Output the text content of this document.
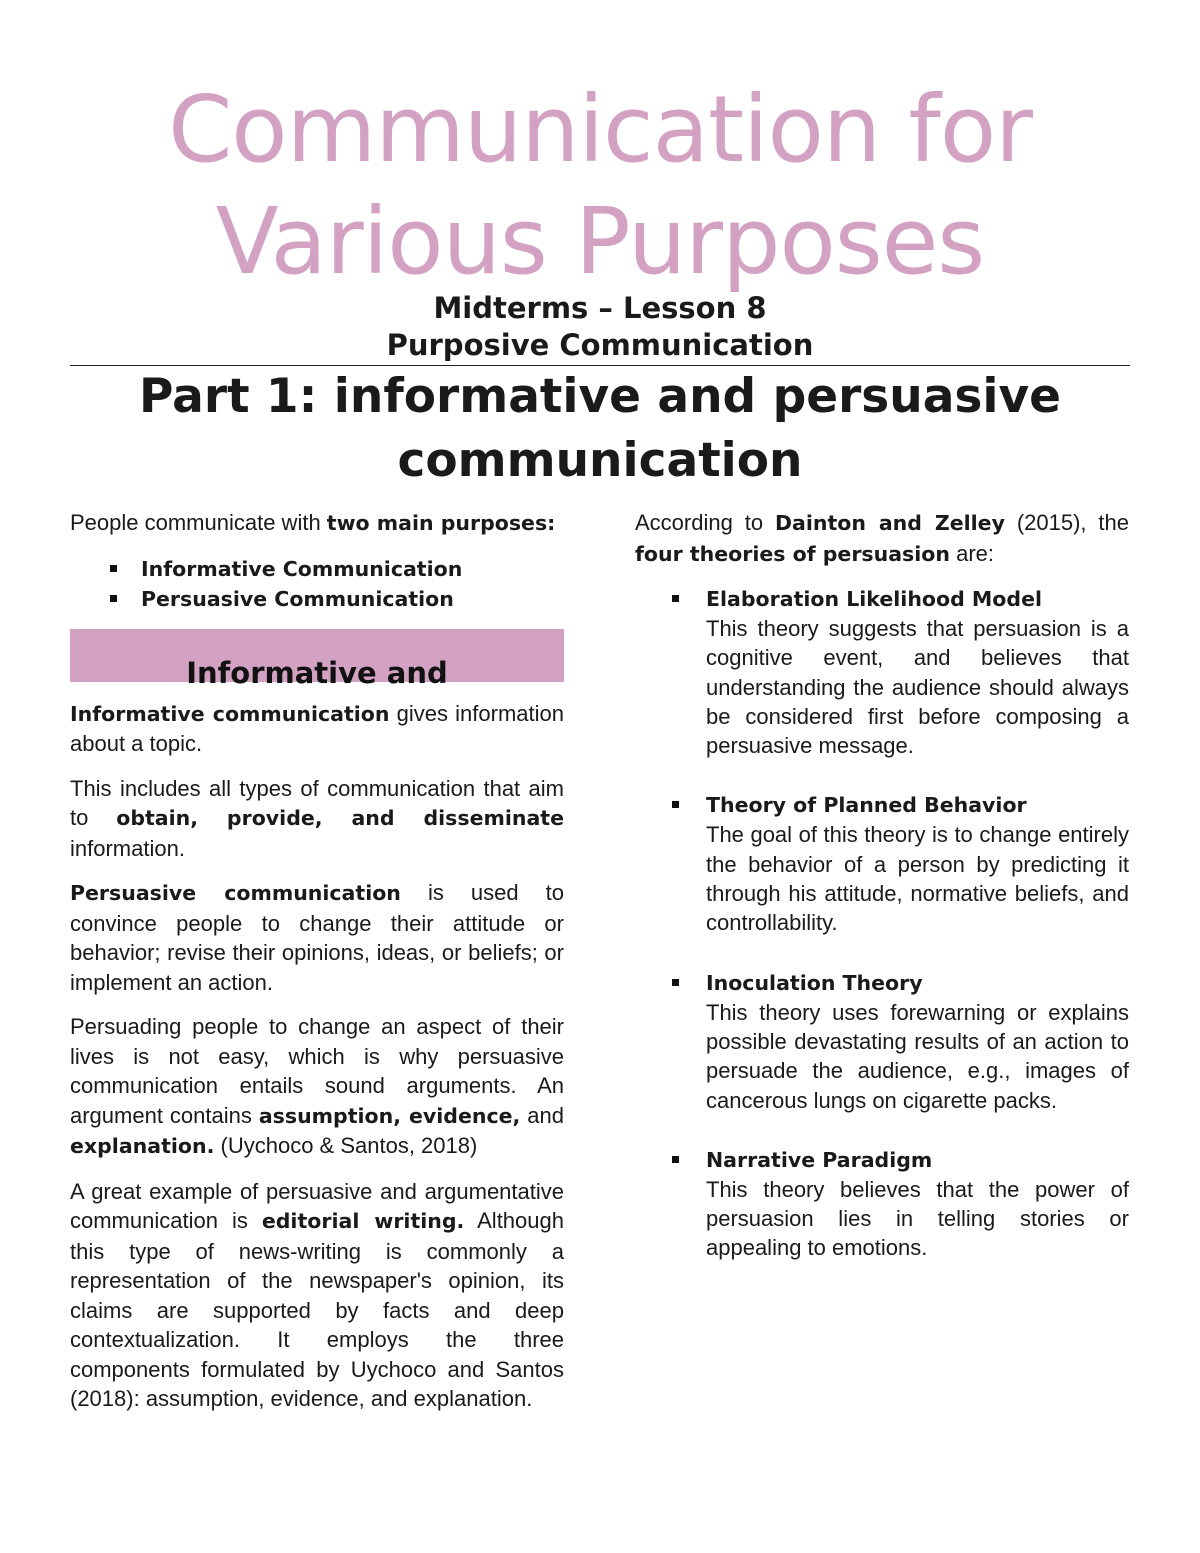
Communication for
Various Purposes

Midterms – Lesson 8

Purposive Communication

Part 1: informative and persuasive
communication

People communicate with two main purposes:

Informative Communication
Persuasive Communication
Informative and

Informative communication gives information about a topic.

This includes all types of communication that aim to obtain, provide, and disseminate information.

Persuasive communication is used to convince people to change their attitude or behavior; revise their opinions, ideas, or beliefs; or implement an action.

Persuading people to change an aspect of their lives is not easy, which is why persuasive communication entails sound arguments. An argument contains assumption, evidence, and explanation. (Uychoco & Santos, 2018)

A great example of persuasive and argumentative communication is editorial writing. Although this type of news-writing is commonly a representation of the newspaper's opinion, its claims are supported by facts and deep contextualization. It employs the three components formulated by Uychoco and Santos (2018): assumption, evidence, and explanation.

According to Dainton and Zelley (2015), the four theories of persuasion are:

Elaboration Likelihood Model
This theory suggests that persuasion is a cognitive event, and believes that understanding the audience should always be considered first before composing a persuasive message.
Theory of Planned Behavior
The goal of this theory is to change entirely the behavior of a person by predicting it through his attitude, normative beliefs, and controllability.
Inoculation Theory
This theory uses forewarning or explains possible devastating results of an action to persuade the audience, e.g., images of cancerous lungs on cigarette packs.
Narrative Paradigm
This theory believes that the power of persuasion lies in telling stories or appealing to emotions.
